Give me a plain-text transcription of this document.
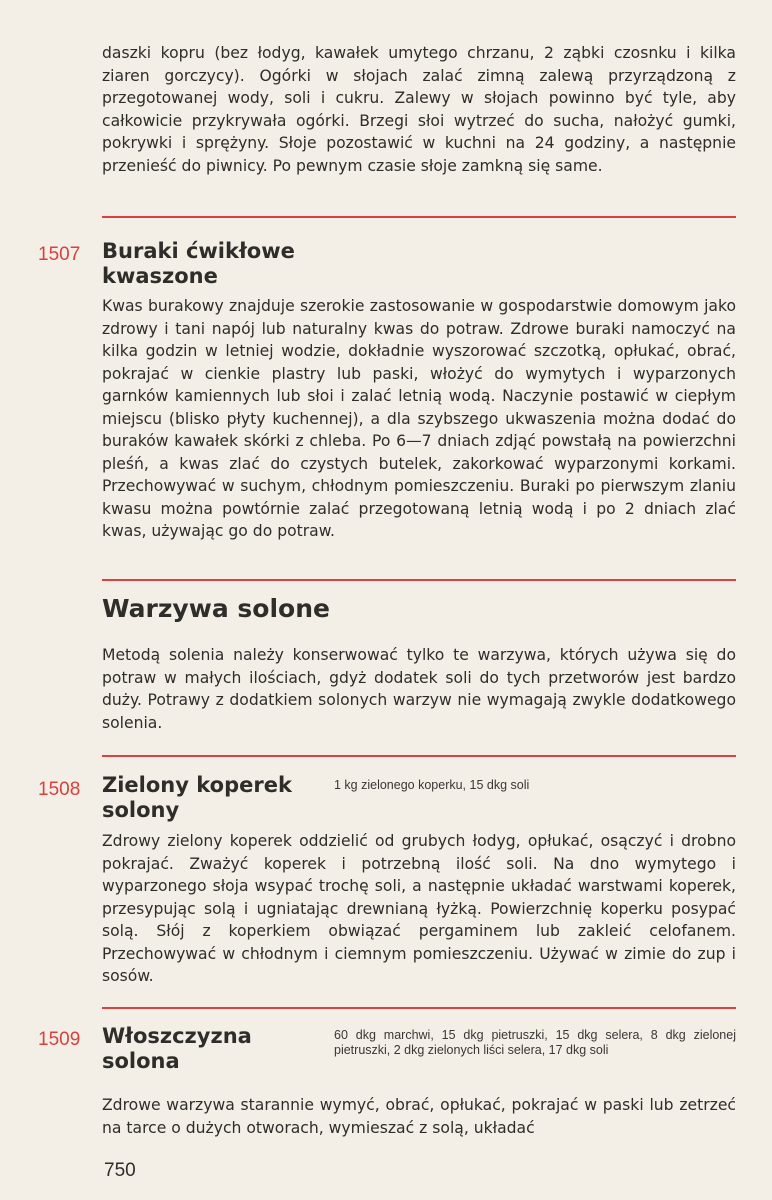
daszki kopru (bez łodyg, kawałek umytego chrzanu, 2 ząbki czosnku i kilka ziaren gorczycy). Ogórki w słojach zalać zimną zalewą przyrządzoną z przegotowanej wody, soli i cukru. Zalewy w słojach powinno być tyle, aby całkowicie przykrywała ogórki. Brzegi słoi wytrzeć do sucha, nałożyć gumki, pokrywki i sprężyny. Słoje pozostawić w kuchni na 24 godziny, a następnie przenieść do piwnicy. Po pewnym czasie słoje zamkną się same.

1507 Buraki ćwikłowe
kwaszone

Kwas burakowy znajduje szerokie zastosowanie w gospodarstwie domowym jako zdrowy i tani napój lub naturalny kwas do potraw. Zdrowe buraki namoczyć na kilka godzin w letniej wodzie, dokładnie wyszorować szczotką, opłukać, obrać, pokrajać w cienkie plastry lub paski, włożyć do wymytych i wyparzonych garnków kamiennych lub słoi i zalać letnią wodą. Naczynie postawić w ciepłym miejscu (blisko płyty kuchennej), a dla szybszego ukwaszenia można dodać do buraków kawałek skórki z chleba. Po 6—7 dniach zdjąć powstałą na powierzchni pleśń, a kwas zlać do czystych butelek, zakorkować wyparzonymi korkami. Przechowywać w suchym, chłodnym pomieszczeniu. Buraki po pierwszym zlaniu kwasu można powtórnie zalać przegotowaną letnią wodą i po 2 dniach zlać kwas, używając go do potraw.

Warzywa solone

Metodą solenia należy konserwować tylko te warzywa, których używa się do potraw w małych ilościach, gdyż dodatek soli do tych przetworów jest bardzo duży. Potrawy z dodatkiem solonych warzyw nie wymagają zwykle dodatkowego solenia.

1508 Zielony koperek
solony
1 kg zielonego koperku, 15 dkg soli

Zdrowy zielony koperek oddzielić od grubych łodyg, opłukać, osączyć i drobno pokrajać. Zważyć koperek i potrzebną ilość soli. Na dno wymytego i wyparzonego słoja wsypać trochę soli, a następnie układać warstwami koperek, przesypując solą i ugniatając drewnianą łyżką. Powierzchnię koperku posypać solą. Słój z koperkiem obwiązać pergaminem lub zakleić celofanem. Przechowywać w chłodnym i ciemnym pomieszczeniu. Używać w zimie do zup i sosów.

1509 Włoszczyzna
solona
60 dkg marchwi, 15 dkg pietruszki, 15 dkg selera, 8 dkg zielonej pietruszki, 2 dkg zielonych liści selera, 17 dkg soli

Zdrowe warzywa starannie wymyć, obrać, opłukać, pokrajać w paski lub zetrzeć na tarce o dużych otworach, wymieszać z solą, układać

750
